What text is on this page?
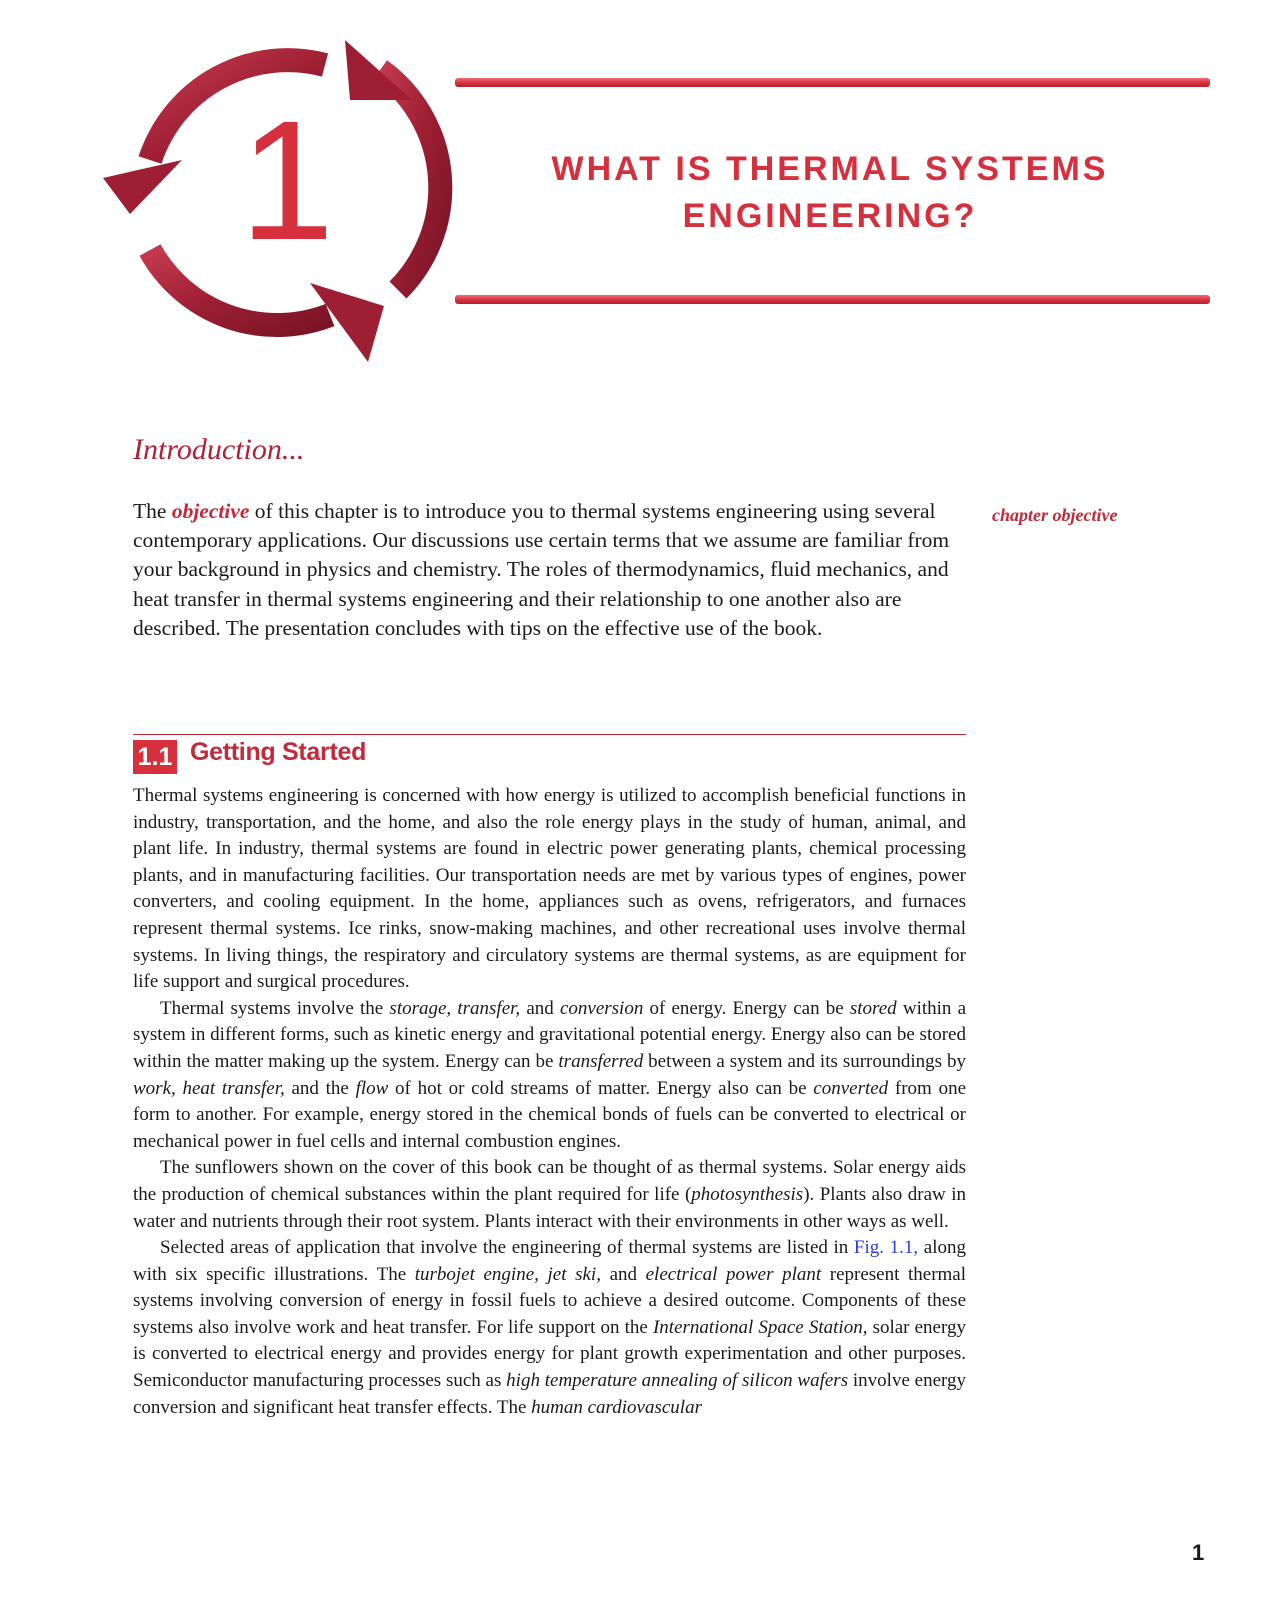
1	WHAT IS THERMAL SYSTEMS
ENGINEERING?
Introduction...

The objective of this chapter is to introduce you to thermal systems engineering using several contemporary applications. Our discussions use certain terms that we assume are familiar from your background in physics and chemistry. The roles of thermodynamics, fluid mechanics, and heat transfer in thermal systems engineering and their relationship to one another also are described. The presentation concludes with tips on the effective use of the book.

chapter objective

1.1 Getting Started

Thermal systems engineering is concerned with how energy is utilized to accomplish beneficial functions in industry, transportation, and the home, and also the role energy plays in the study of human, animal, and plant life. In industry, thermal systems are found in electric power generating plants, chemical processing plants, and in manufacturing facilities. Our transportation needs are met by various types of engines, power converters, and cooling equipment. In the home, appliances such as ovens, refrigerators, and furnaces represent thermal systems. Ice rinks, snow-making machines, and other recreational uses involve thermal systems. In living things, the respiratory and circulatory systems are thermal systems, as are equipment for life support and surgical procedures.

Thermal systems involve the storage, transfer, and conversion of energy. Energy can be stored within a system in different forms, such as kinetic energy and gravitational potential energy. Energy also can be stored within the matter making up the system. Energy can be transferred between a system and its surroundings by work, heat transfer, and the flow of hot or cold streams of matter. Energy also can be converted from one form to another. For example, energy stored in the chemical bonds of fuels can be converted to electrical or mechanical power in fuel cells and internal combustion engines.

The sunflowers shown on the cover of this book can be thought of as thermal systems. Solar energy aids the production of chemical substances within the plant required for life (photosynthesis). Plants also draw in water and nutrients through their root system. Plants interact with their environments in other ways as well.

Selected areas of application that involve the engineering of thermal systems are listed in Fig. 1.1, along with six specific illustrations. The turbojet engine, jet ski, and electrical power plant represent thermal systems involving conversion of energy in fossil fuels to achieve a desired outcome. Components of these systems also involve work and heat transfer. For life support on the International Space Station, solar energy is converted to electrical energy and provides energy for plant growth experimentation and other purposes. Semiconductor manufacturing processes such as high temperature annealing of silicon wafers involve energy conversion and significant heat transfer effects. The human cardiovascular

1
